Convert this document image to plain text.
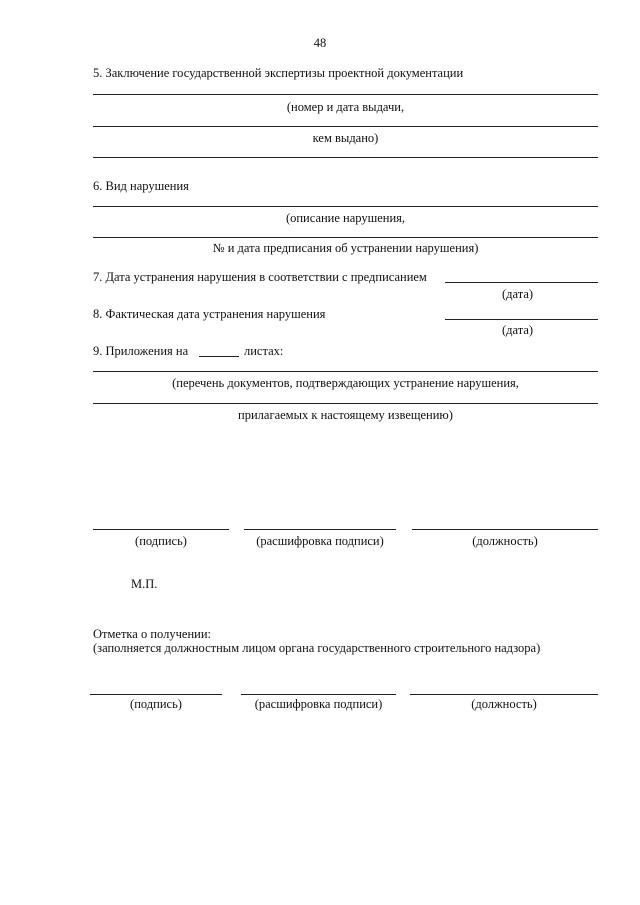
48
5. Заключение государственной экспертизы проектной документации
(номер и дата выдачи,
кем выдано)
6. Вид нарушения
(описание нарушения,
№ и дата предписания об устранении нарушения)
7. Дата устранения нарушения в соответствии с предписанием
(дата)
8. Фактическая дата устранения нарушения
(дата)
9. Приложения на	листах:
(перечень документов, подтверждающих устранение нарушения,
прилагаемых к настоящему извещению)
(подпись)	(расшифровка подписи)	(должность)
М.П.
Отметка о получении:
(заполняется должностным лицом органа государственного строительного надзора)
(подпись)	(расшифровка подписи)	(должность)
